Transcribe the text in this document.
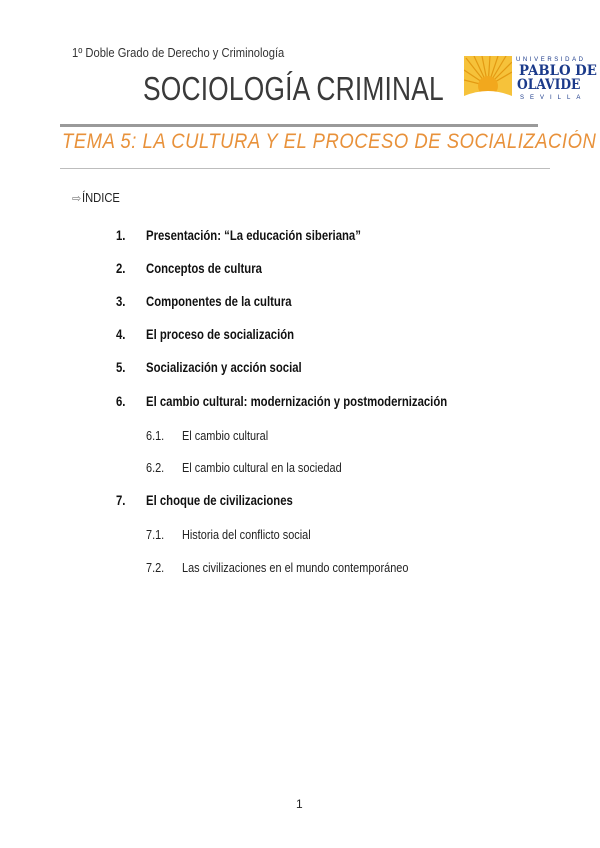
1º Doble Grado de Derecho y Criminología
SOCIOLOGÍA CRIMINAL
UNIVERSIDAD
PABLO DE
OLAVIDE
SEVILLA
TEMA 5: LA CULTURA Y EL PROCESO DE SOCIALIZACIÓN
⇨ÍNDICE
1. Presentación: “La educación siberiana”
2. Conceptos de cultura
3. Componentes de la cultura
4. El proceso de socialización
5. Socialización y acción social
6. El cambio cultural: modernización y postmodernización
6.1. El cambio cultural
6.2. El cambio cultural en la sociedad
7. El choque de civilizaciones
7.1. Historia del conflicto social
7.2. Las civilizaciones en el mundo contemporáneo
1
